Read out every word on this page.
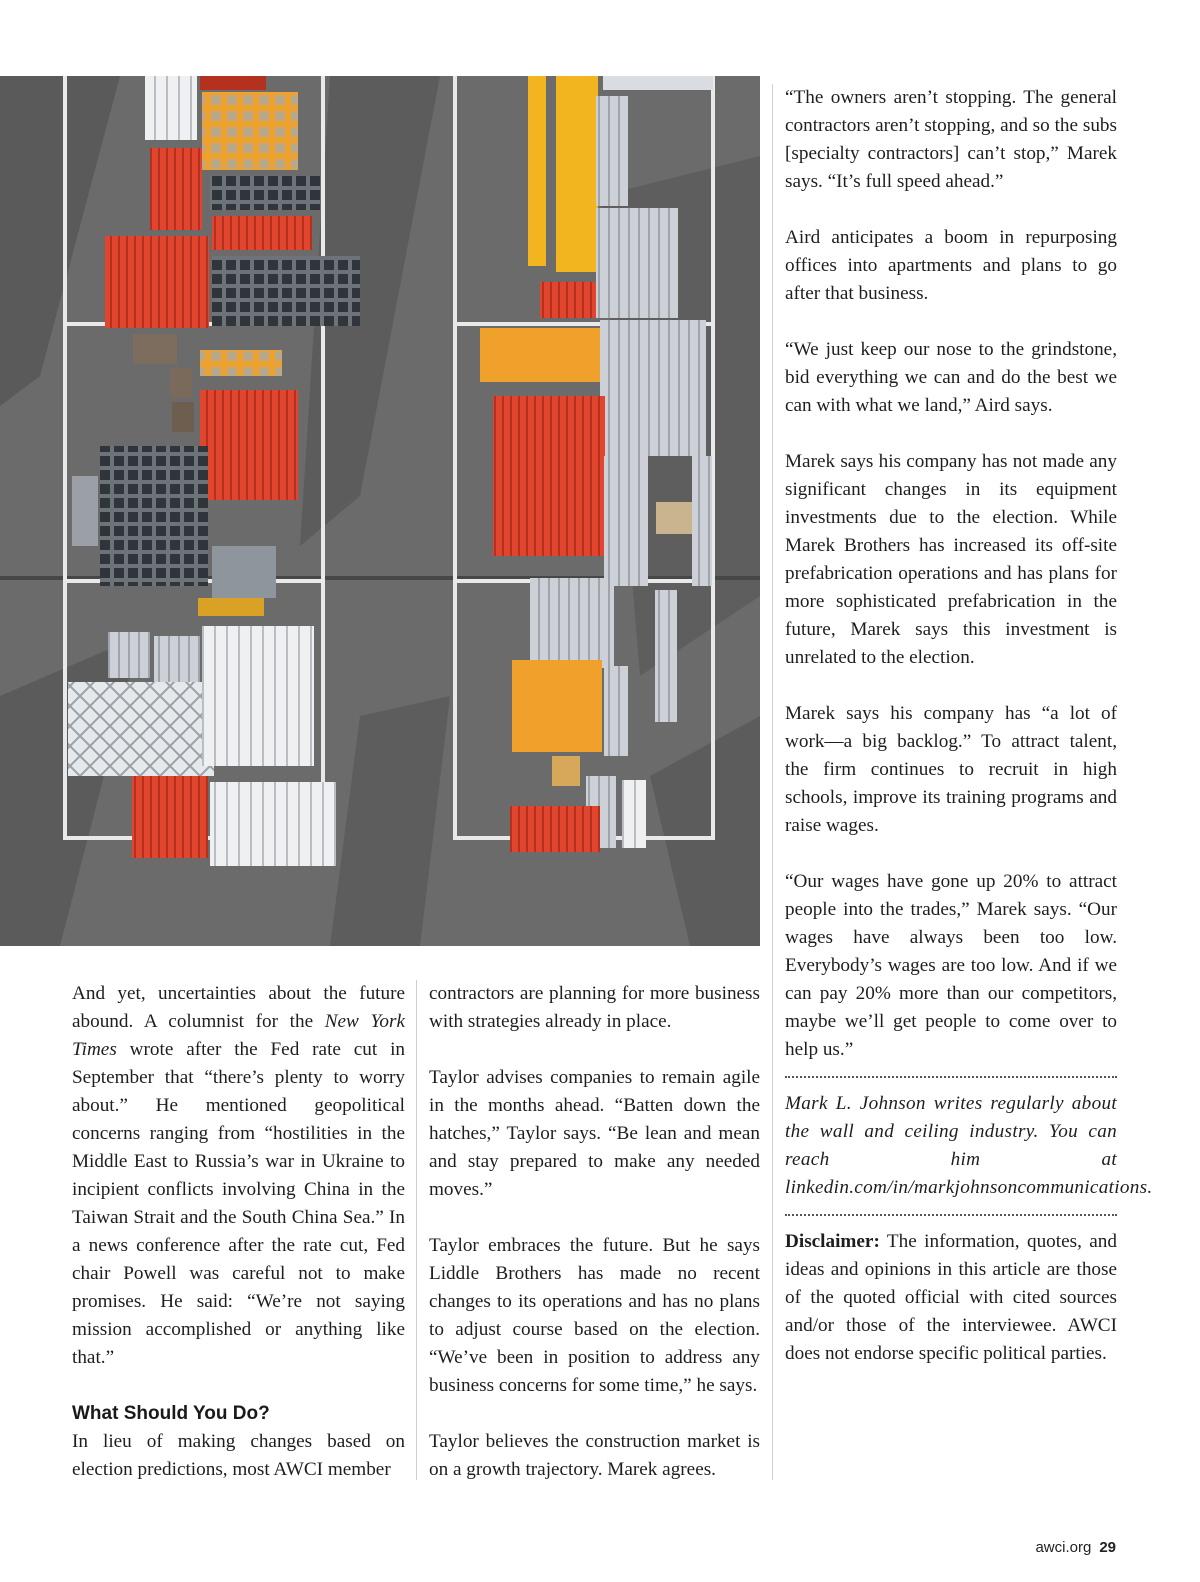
And yet, uncertainties about the future abound. A columnist for the New York Times wrote after the Fed rate cut in September that “there’s plenty to worry about.” He mentioned geopolitical concerns ranging from “hostilities in the Middle East to Russia’s war in Ukraine to incipient conflicts involving China in the Taiwan Strait and the South China Sea.” In a news conference after the rate cut, Fed chair Powell was careful not to make promises. He said: “We’re not saying mission accomplished or anything like that.”

What Should You Do?

In lieu of making changes based on election predictions, most AWCI member

contractors are planning for more business with strategies already in place.

Taylor advises companies to remain agile in the months ahead. “Batten down the hatches,” Taylor says. “Be lean and mean and stay prepared to make any needed moves.”

Taylor embraces the future. But he says Liddle Brothers has made no recent changes to its operations and has no plans to adjust course based on the election. “We’ve been in position to address any business concerns for some time,” he says.

Taylor believes the construction market is on a growth trajectory. Marek agrees.

“The owners aren’t stopping. The general contractors aren’t stopping, and so the subs [specialty contractors] can’t stop,” Marek says. “It’s full speed ahead.”

Aird anticipates a boom in repurposing offices into apartments and plans to go after that business.

“We just keep our nose to the grindstone, bid everything we can and do the best we can with what we land,” Aird says.

Marek says his company has not made any significant changes in its equipment investments due to the election. While Marek Brothers has increased its off-site prefabrication operations and has plans for more sophisticated prefabrication in the future, Marek says this investment is unrelated to the election.

Marek says his company has “a lot of work—a big backlog.” To attract talent, the firm continues to recruit in high schools, improve its training programs and raise wages.

“Our wages have gone up 20% to attract people into the trades,” Marek says. “Our wages have always been too low. Everybody’s wages are too low. And if we can pay 20% more than our competitors, maybe we’ll get people to come over to help us.”

Mark L. Johnson writes regularly about the wall and ceiling industry. You can reach him at linkedin.com/in/markjohnsoncommunications.

Disclaimer: The information, quotes, and ideas and opinions in this article are those of the quoted official with cited sources and/or those of the interviewee. AWCI does not endorse specific political parties.

awci.org 29
